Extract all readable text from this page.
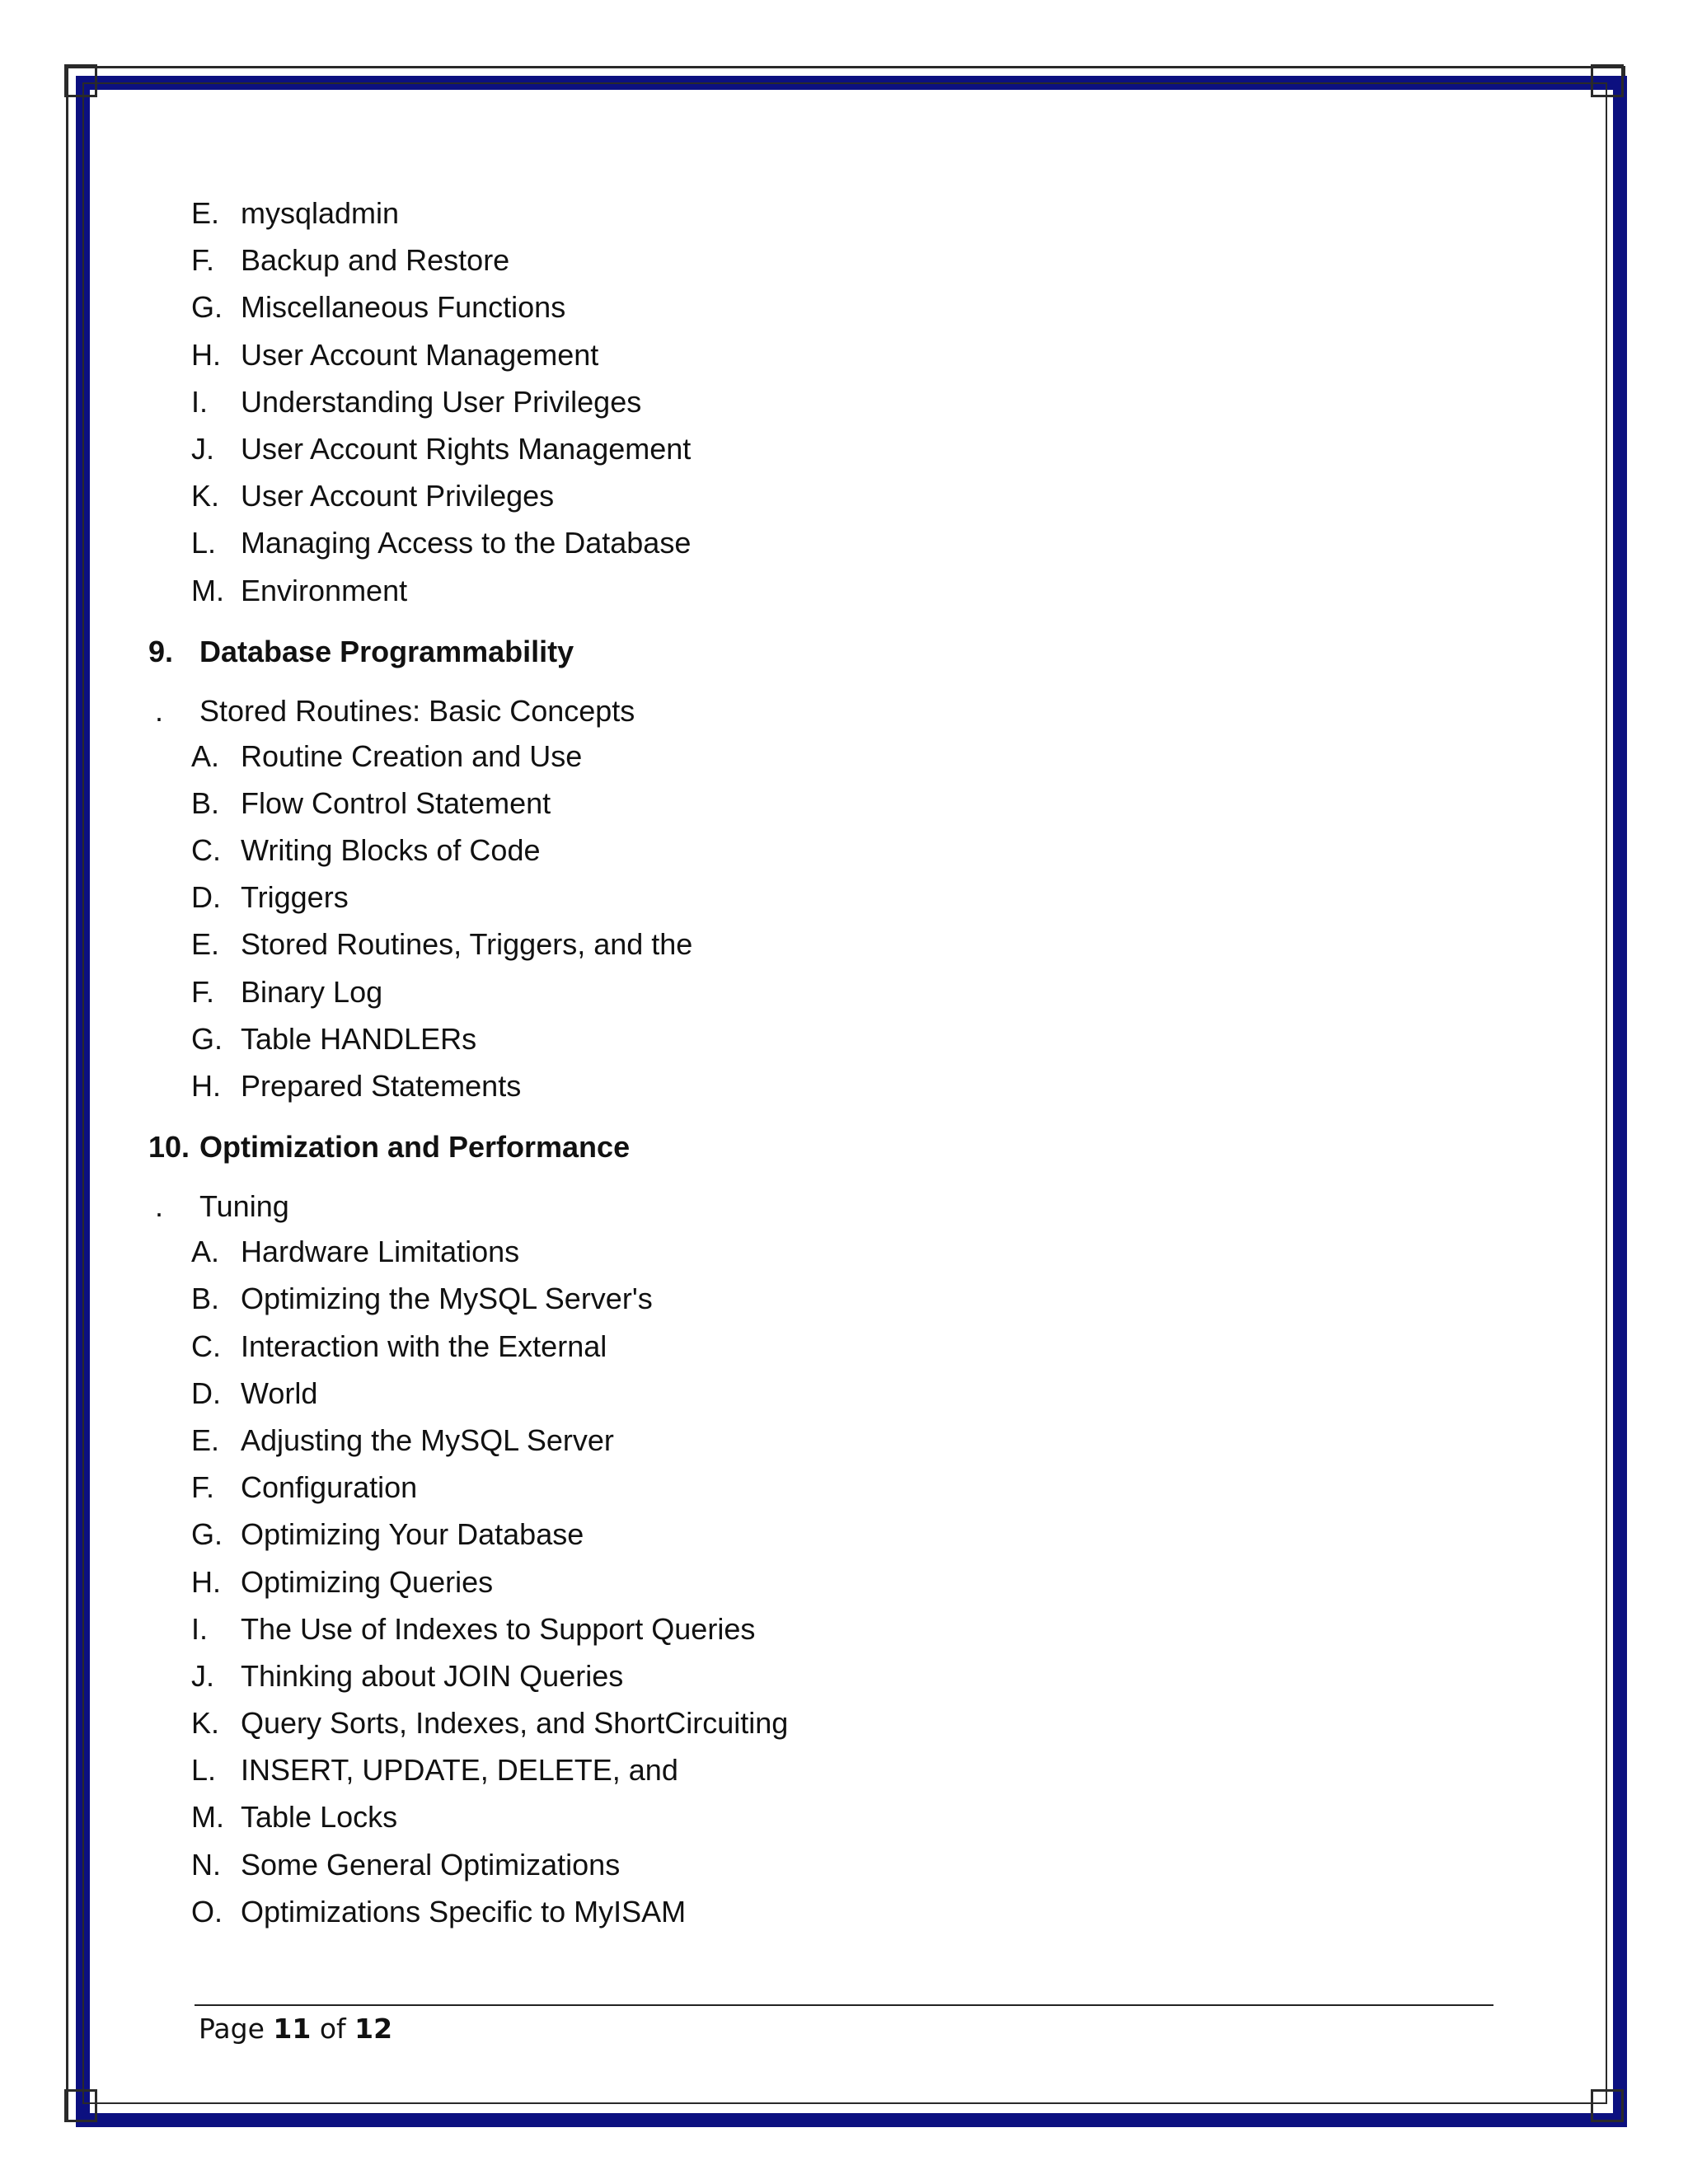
E. mysqladmin
F. Backup and Restore
G. Miscellaneous Functions
H. User Account Management
I. Understanding User Privileges
J. User Account Rights Management
K. User Account Privileges
L. Managing Access to the Database
M. Environment
9. Database Programmability
. Stored Routines: Basic Concepts
A. Routine Creation and Use
B. Flow Control Statement
C. Writing Blocks of Code
D. Triggers
E. Stored Routines, Triggers, and the
F. Binary Log
G. Table HANDLERs
H. Prepared Statements
10. Optimization and Performance
. Tuning
A. Hardware Limitations
B. Optimizing the MySQL Server's
C. Interaction with the External
D. World
E. Adjusting the MySQL Server
F. Configuration
G. Optimizing Your Database
H. Optimizing Queries
I. The Use of Indexes to Support Queries
J. Thinking about JOIN Queries
K. Query Sorts, Indexes, and ShortCircuiting
L. INSERT, UPDATE, DELETE, and
M. Table Locks
N. Some General Optimizations
O. Optimizations Specific to MyISAM
Page 11 of 12
